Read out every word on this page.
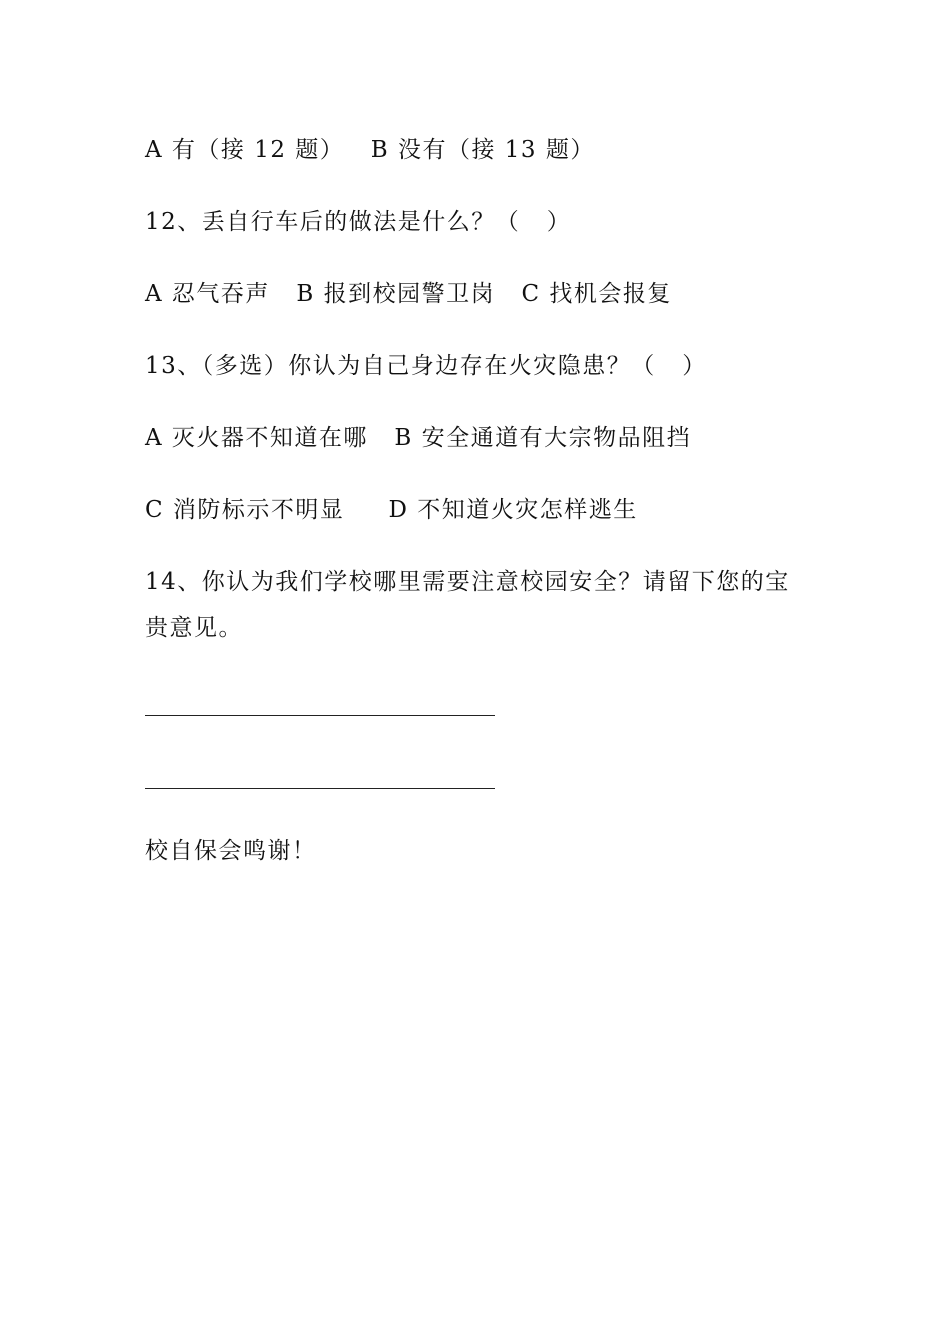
A 有（接 12 题）   B 没有（接 13 题）
12、丢自行车后的做法是什么？（   ）
A 忍气吞声   B 报到校园警卫岗   C 找机会报复
13、（多选）你认为自己身边存在火灾隐患？（   ）
A 灭火器不知道在哪   B 安全通道有大宗物品阻挡
C 消防标示不明显     D 不知道火灾怎样逃生
14、你认为我们学校哪里需要注意校园安全？请留下您的宝贵意见。
校自保会鸣谢！
